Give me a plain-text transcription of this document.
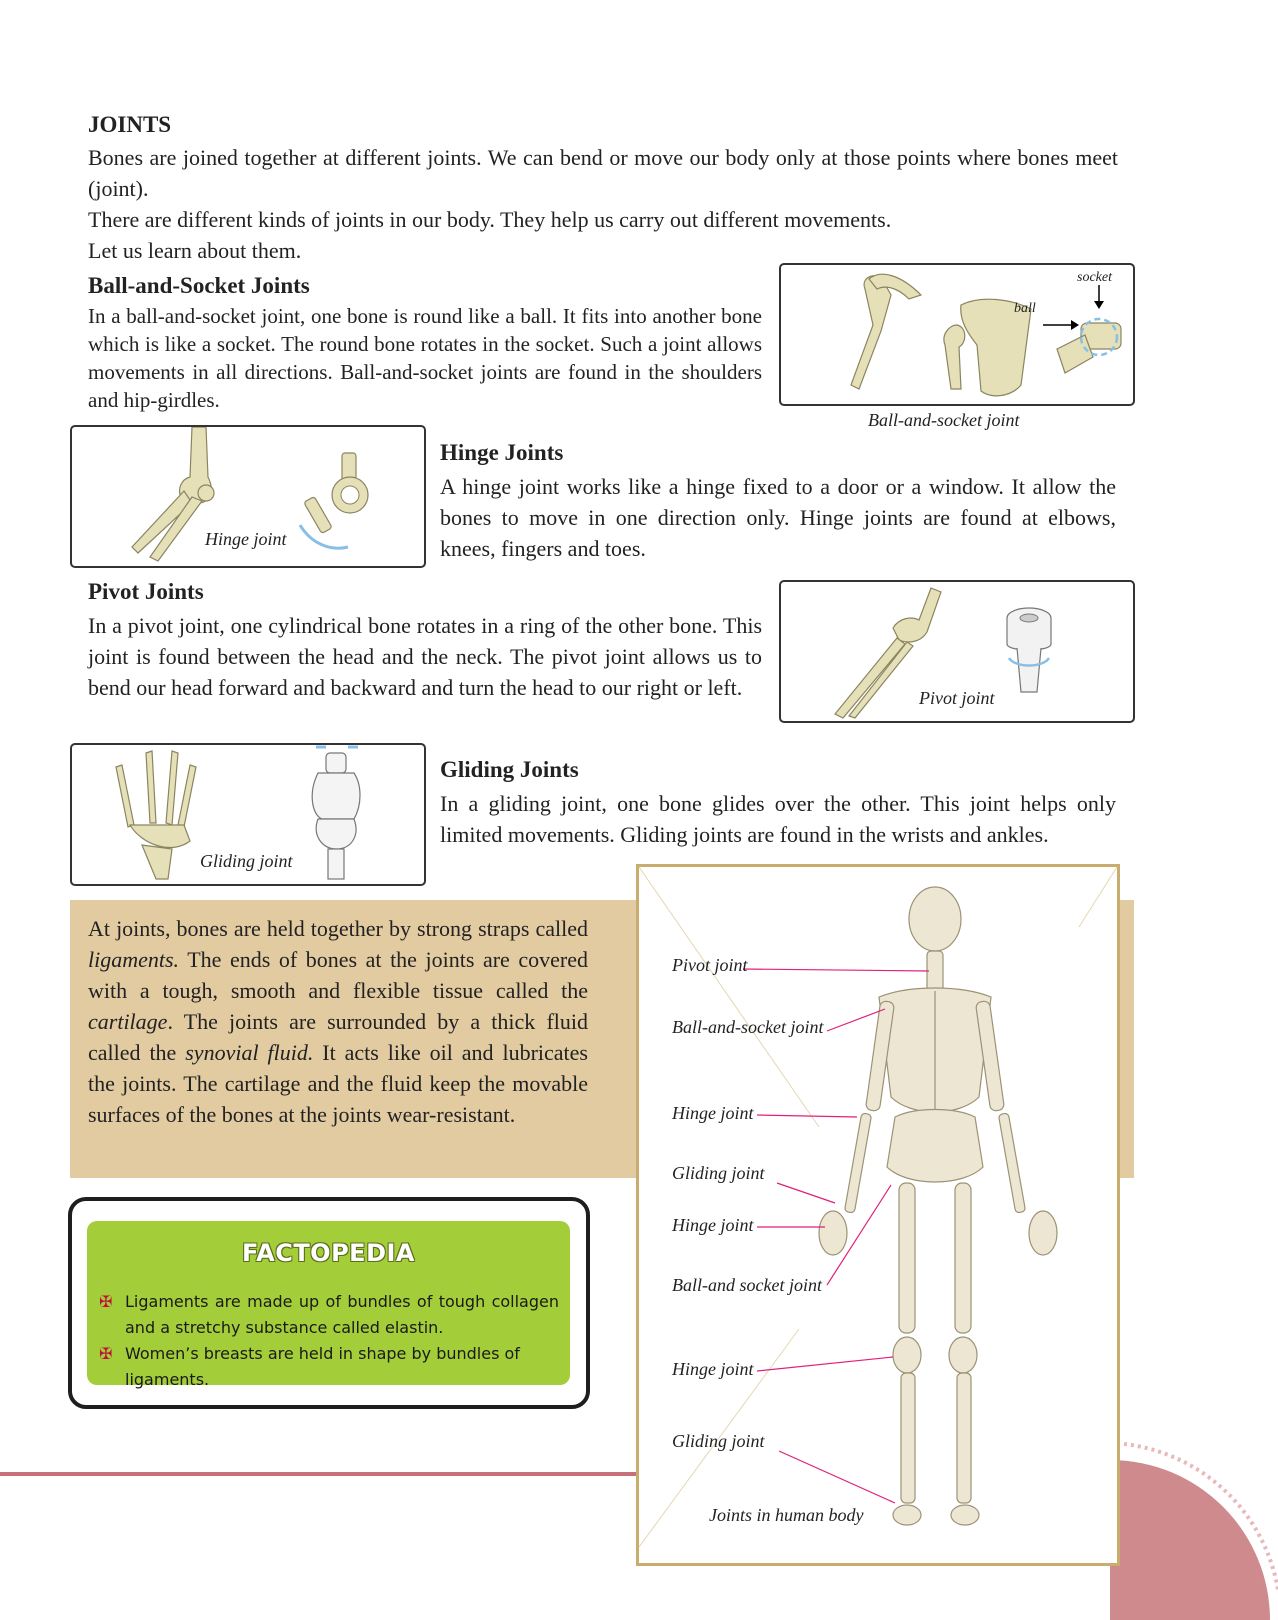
JOINTS

Bones are joined together at different joints. We can bend or move our body only at those points where bones meet (joint).

There are different kinds of joints in our body. They help us carry out different movements.

Let us learn about them.

Ball-and-Socket Joints

In a ball-and-socket joint, one bone is round like a ball. It fits into another bone which is like a socket. The round bone rotates in the socket. Such a joint allows movements in all directions. Ball-and-socket joints are found in the shoulders and hip-girdles.

ball
socket
Ball-and-socket joint
Hinge joint
Hinge Joints

A hinge joint works like a hinge fixed to a door or a window. It allow the bones to move in one direction only. Hinge joints are found at elbows, knees, fingers and toes.

Pivot Joints

In a pivot joint, one cylindrical bone rotates in a ring of the other bone. This joint is found between the head and the neck. The pivot joint allows us to bend our head forward and backward and turn the head to our right or left.	Pivot joint
Gliding joint
Gliding Joints

In a gliding joint, one bone glides over the other. This joint helps only limited movements. Gliding joints are found in the wrists and ankles.

At joints, bones are held together by strong straps called ligaments. The ends of bones at the joints are covered with a tough, smooth and flexible tissue called the cartilage. The joints are surrounded by a thick fluid called the synovial fluid. It acts like oil and lubricates the joints. The cartilage and the fluid keep the movable surfaces of the bones at the joints wear-resistant.

FACTOPEDIA
✠ Ligaments are made up of bundles of tough collagen and a stretchy substance called elastin.
✠ Women’s breasts are held in shape by bundles of ligaments.
Pivot joint
Ball-and-socket joint
Hinge joint
Gliding joint
Hinge joint
Ball-and socket joint
Hinge joint
Gliding joint
Joints in human body
